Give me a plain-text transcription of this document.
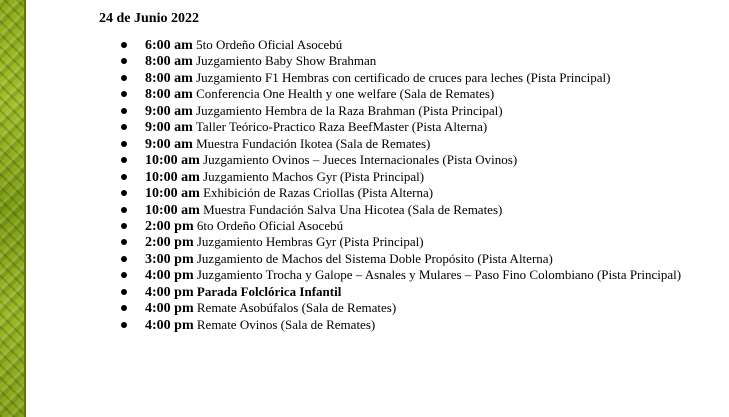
24 de Junio 2022

6:00 am 5to Ordeño Oficial Asocebú
8:00 am Juzgamiento Baby Show Brahman
8:00 am Juzgamiento F1 Hembras con certificado de cruces para leches (Pista Principal)
8:00 am Conferencia One Health y one welfare (Sala de Remates)
9:00 am Juzgamiento Hembra de la Raza Brahman (Pista Principal)
9:00 am Taller Teórico-Practico Raza BeefMaster (Pista Alterna)
9:00 am Muestra Fundación Ikotea (Sala de Remates)
10:00 am Juzgamiento Ovinos – Jueces Internacionales (Pista Ovinos)
10:00 am Juzgamiento Machos Gyr (Pista Principal)
10:00 am Exhibición de Razas Criollas (Pista Alterna)
10:00 am Muestra Fundación Salva Una Hicotea (Sala de Remates)
2:00 pm 6to Ordeño Oficial Asocebú
2:00 pm Juzgamiento Hembras Gyr (Pista Principal)
3:00 pm Juzgamiento de Machos del Sistema Doble Propósito (Pista Alterna)
4:00 pm Juzgamiento Trocha y Galope – Asnales y Mulares – Paso Fino Colombiano (Pista Principal)
4:00 pm Parada Folclórica Infantil
4:00 pm Remate Asobúfalos (Sala de Remates)
4:00 pm Remate Ovinos (Sala de Remates)
